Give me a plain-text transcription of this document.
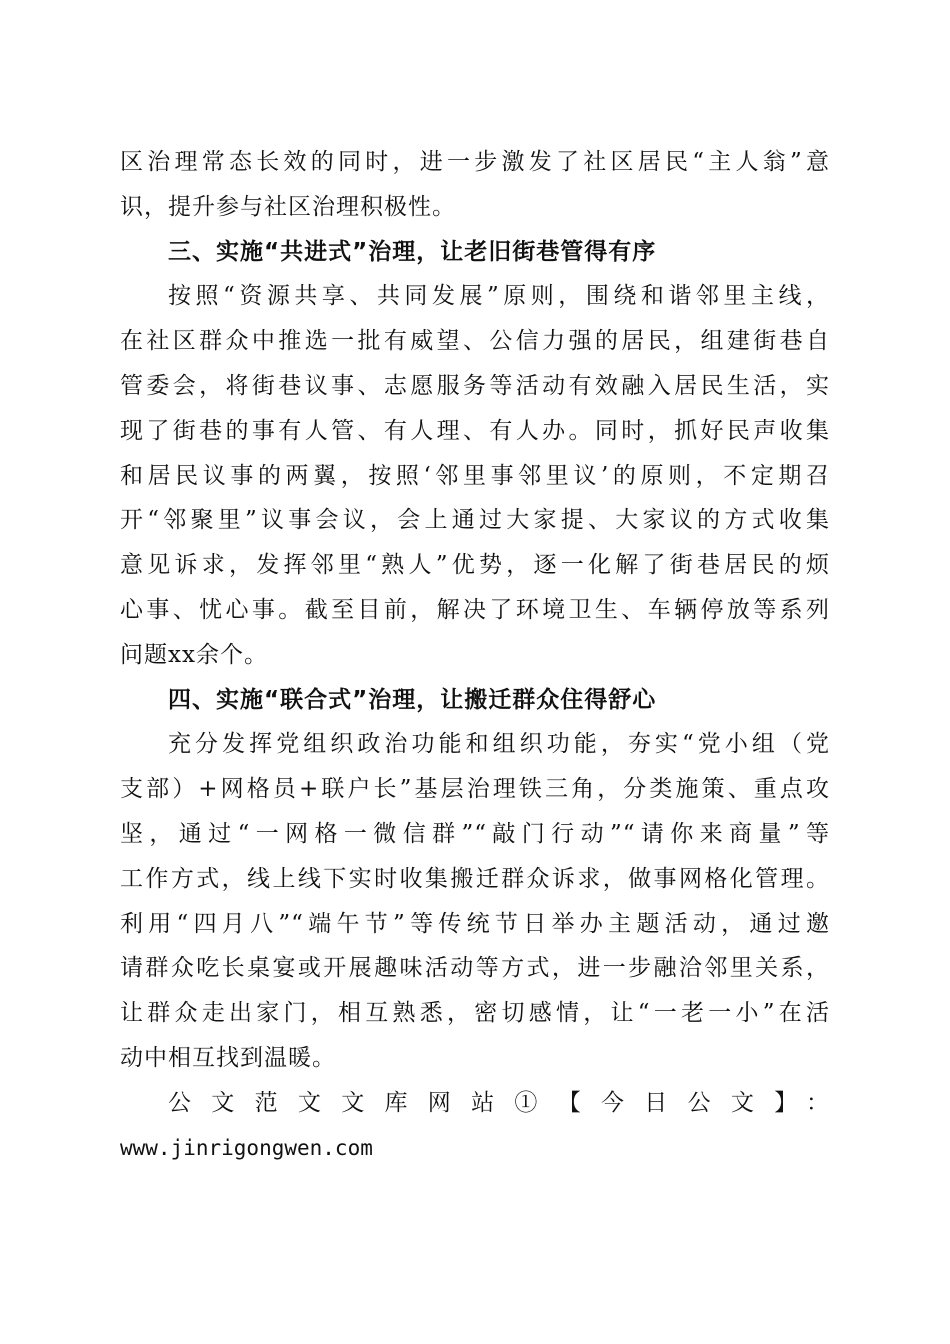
区治理常态长效的同时，进一步激发了社区居民“主人翁”意
识，提升参与社区治理积极性。
三、实施“共进式”治理，让老旧街巷管得有序
按照“资源共享、共同发展”原则，围绕和谐邻里主线，
在社区群众中推选一批有威望、公信力强的居民，组建街巷自
管委会，将街巷议事、志愿服务等活动有效融入居民生活，实
现了街巷的事有人管、有人理、有人办。同时，抓好民声收集
和居民议事的两翼，按照‘邻里事邻里议’的原则，不定期召
开“邻聚里”议事会议，会上通过大家提、大家议的方式收集
意见诉求，发挥邻里“熟人”优势，逐一化解了街巷居民的烦
心事、忧心事。截至目前，解决了环境卫生、车辆停放等系列
问题xx余个。
四、实施“联合式”治理，让搬迁群众住得舒心
充分发挥党组织政治功能和组织功能，夯实“党小组（党
支部）+网格员+联户长”基层治理铁三角，分类施策、重点攻
坚，通过“一网格一微信群”“敲门行动”“请你来商量”等
工作方式，线上线下实时收集搬迁群众诉求，做事网格化管理。
利用“四月八”“端午节”等传统节日举办主题活动，通过邀
请群众吃长桌宴或开展趣味活动等方式，进一步融洽邻里关系，
让群众走出家门，相互熟悉，密切感情，让“一老一小”在活
动中相互找到温暖。
公文范文文库网站①【今日公文】：
www.jinrigongwen.com
